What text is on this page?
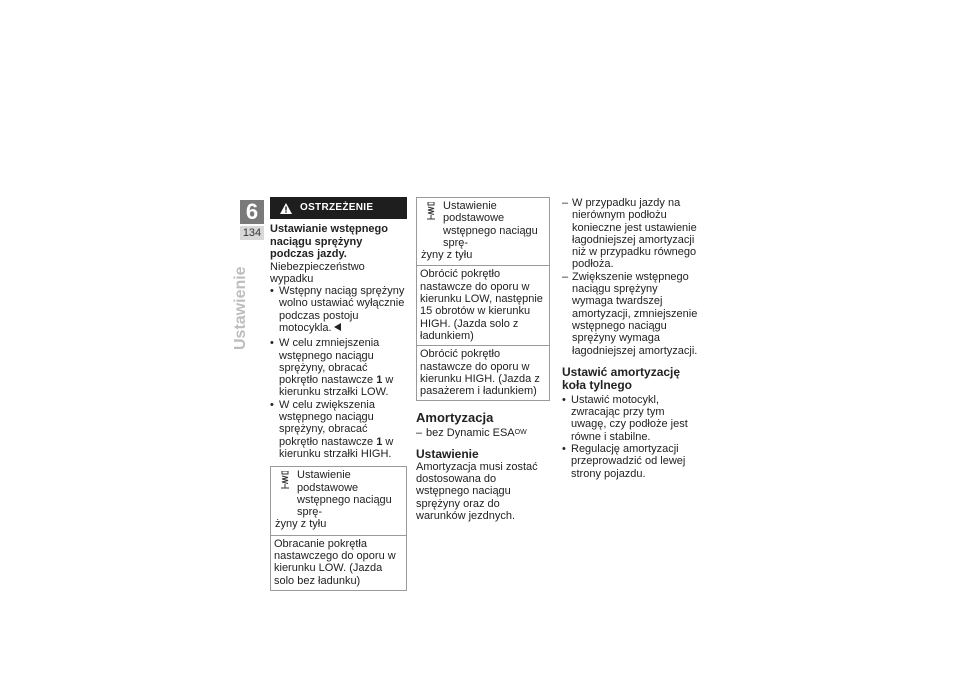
6
134
Ustawienie
OSTRZEŻENIE
Ustawianie wstępnego naciągu sprężyny podczas jazdy.

Niebezpieczeństwo wypadku

• Wstępny naciąg sprężyny wolno ustawiać wyłącznie podczas postoju motocykla.
• W celu zmniejszenia wstępnego naciągu sprężyny, obracać pokrętło nastawcze 1 w kierunku strzałki LOW.
• W celu zwiększenia wstępnego naciągu sprężyny, obracać pokrętło nastawcze 1 w kierunku strzałki HIGH.
Ustawienie podstawowe wstępnego naciągu sprę-
żyny z tyłu
Obracanie pokrętła nastawczego do oporu w kierunku LOW. (Jazda solo bez ładunku)
Ustawienie podstawowe wstępnego naciągu sprę-
żyny z tyłu
Obrócić pokrętło nastawcze do oporu w kierunku LOW, następnie 15 obrotów w kierunku HIGH. (Jazda solo z ładunkiem)
Obrócić pokrętło nastawcze do oporu w kierunku HIGH. (Jazda z pasażerem i ładunkiem)
Amortyzacja
– bez Dynamic $ESA^{OW}$
Ustawienie

Amortyzacja musi zostać dostosowana do wstępnego naciągu sprężyny oraz do warunków jezdnych.

– W przypadku jazdy na nierównym podłożu konieczne jest ustawienie łagodniejszej amortyzacji niż w przypadku równego podłoża.
– Zwiększenie wstępnego naciągu sprężyny wymaga twardszej amortyzacji, zmniejszenie wstępnego naciągu sprężyny wymaga łagodniejszej amortyzacji.
Ustawić amortyzację koła tylnego
• Ustawić motocykl, zwracając przy tym uwagę, czy podłoże jest równe i stabilne.
• Regulację amortyzacji przeprowadzić od lewej strony pojazdu.
